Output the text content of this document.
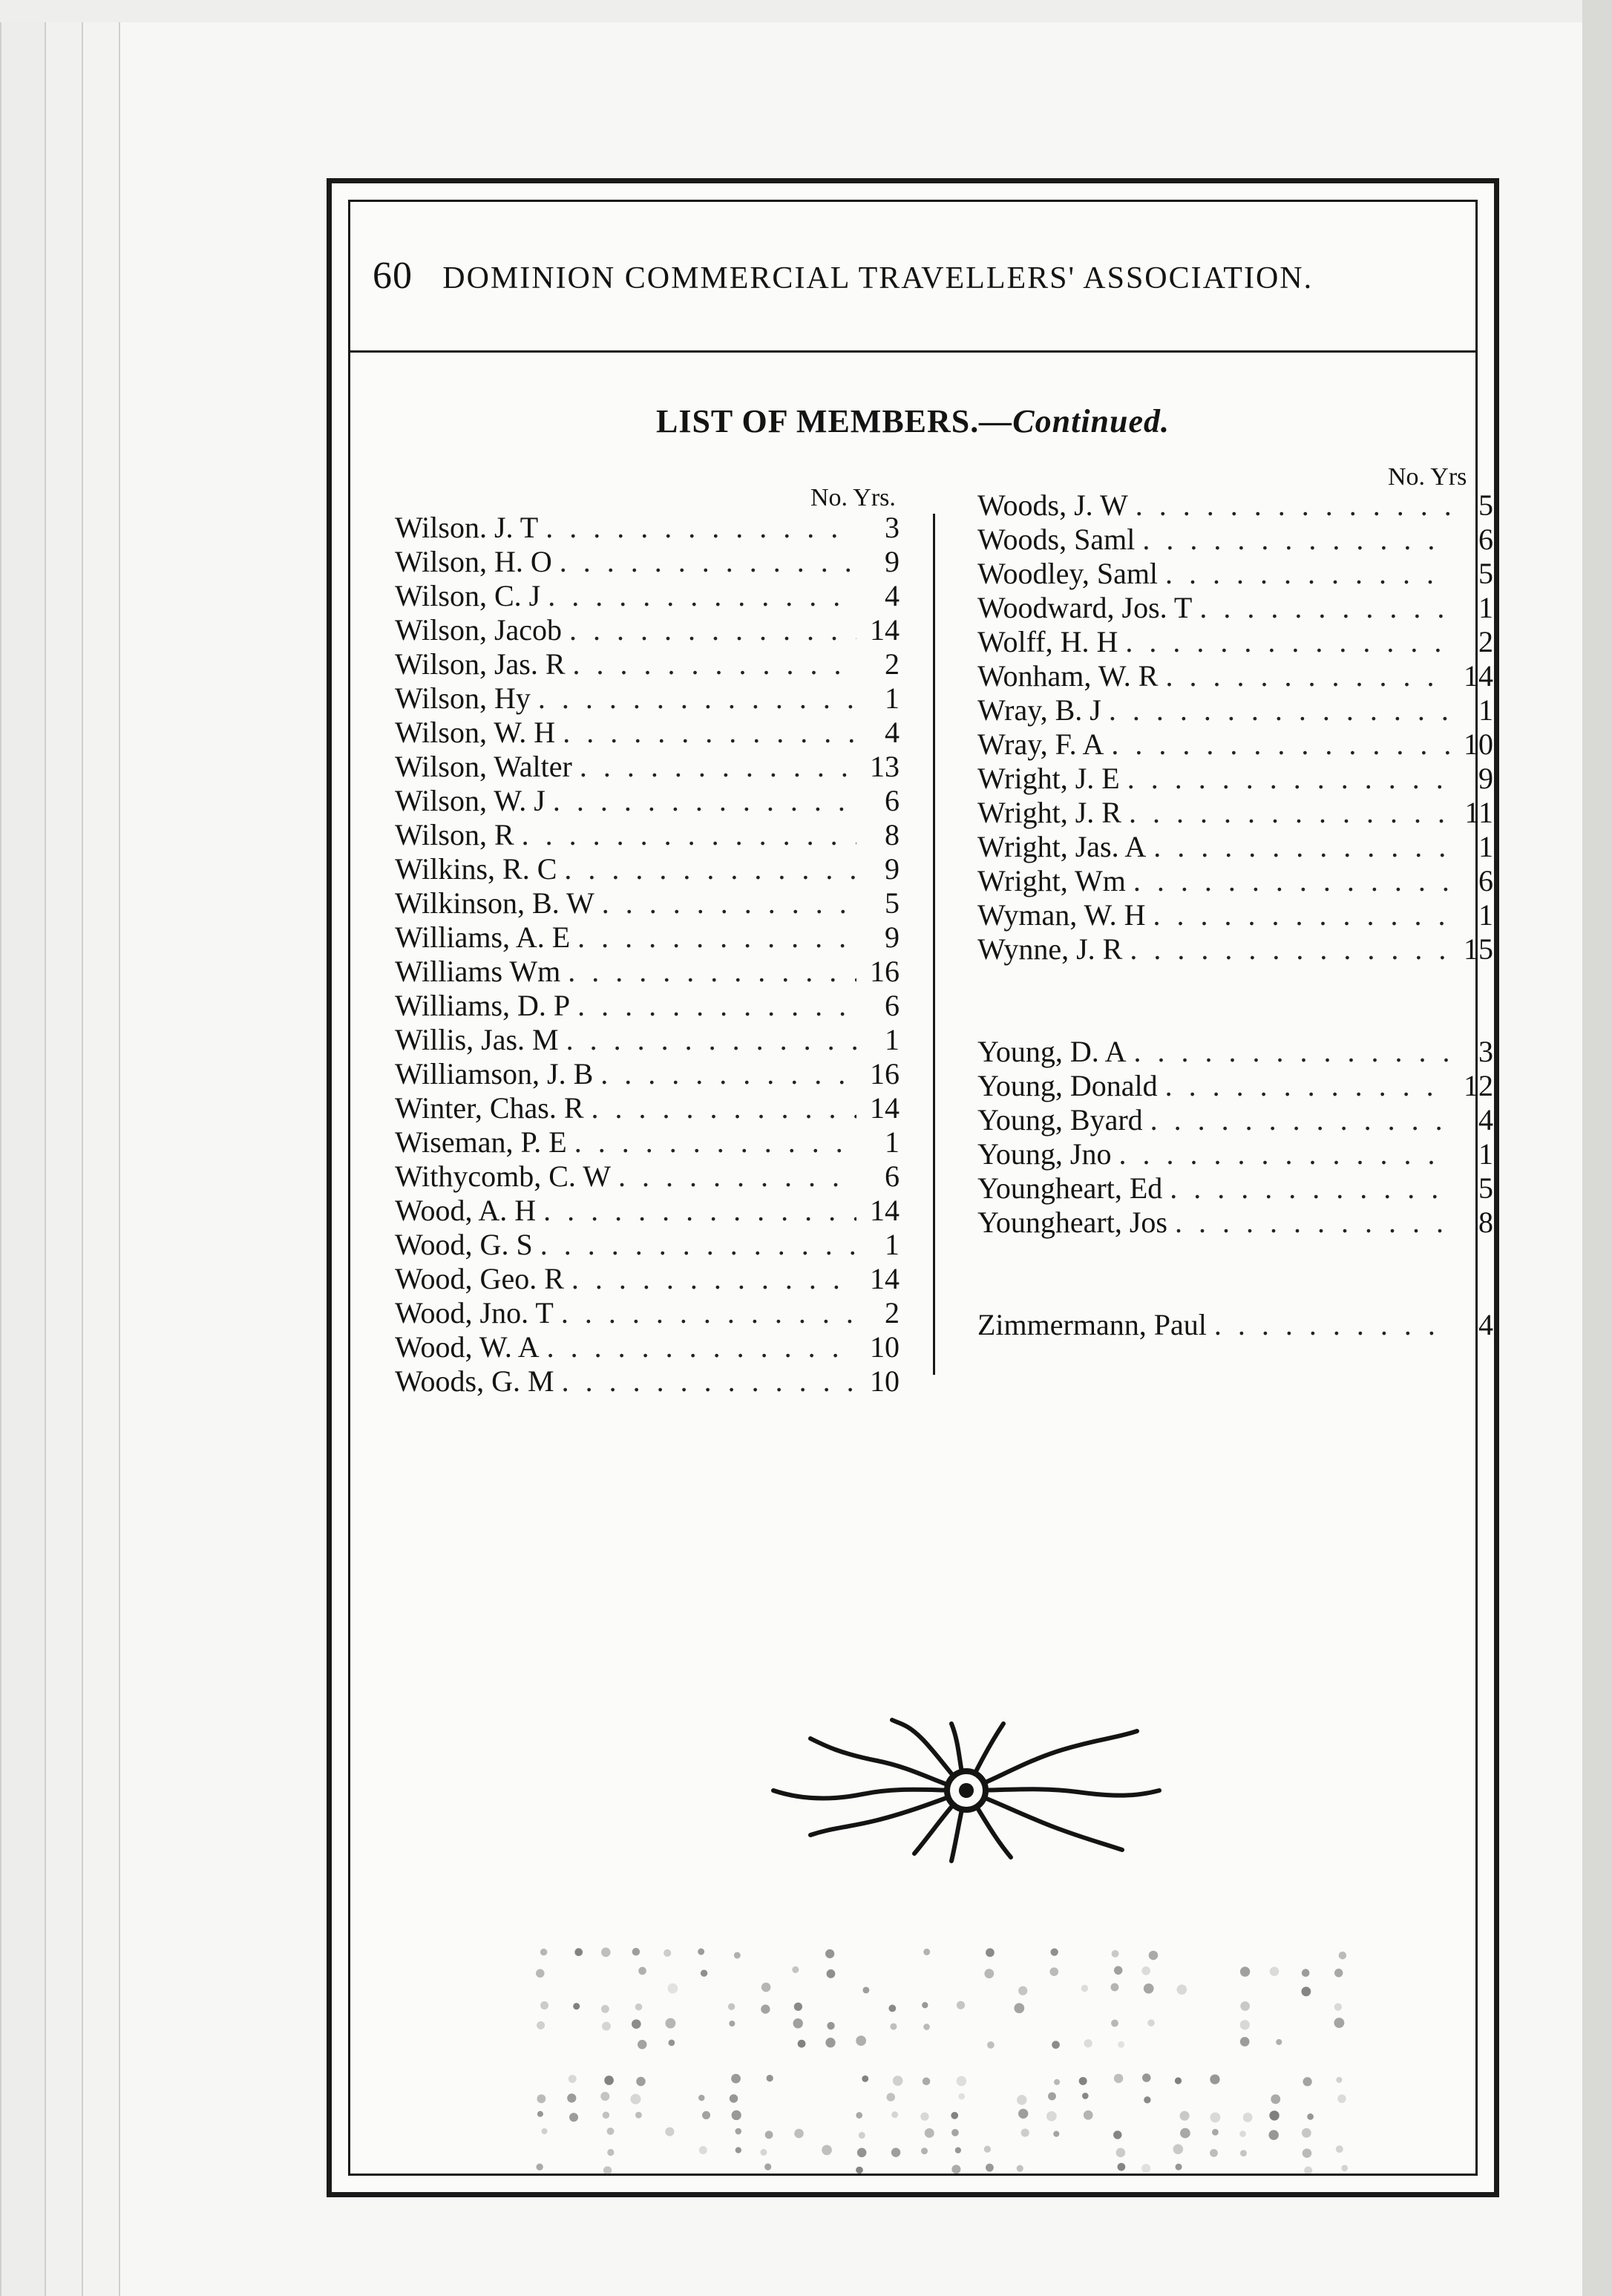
60 DOMINION COMMERCIAL TRAVELLERS' ASSOCIATION.
LIST OF MEMBERS.—Continued.
No. Yrs.
No. Yrs
Wilson. J. T . . .	3
Wilson, H. O . . .	9
Wilson, C. J . . .	4
Wilson, Jacob . . .	14
Wilson, Jas. R . . .	2
Wilson, Hy . . .	1
Wilson, W. H . . .	4
Wilson, Walter . . .	13
Wilson, W. J . . .	6
Wilson, R . . .	8
Wilkins, R. C . . .	9
Wilkinson, B. W . . .	5
Williams, A. E . . .	9
Williams Wm . . .	16
Williams, D. P . . .	6
Willis, Jas. M . . .	1
Williamson, J. B . . .	16
Winter, Chas. R . . .	14
Wiseman, P. E . . .	1
Withycomb, C. W . . .	6
Wood, A. H . . .	14
Wood, G. S . . .	1
Wood, Geo. R . . .	14
Wood, Jno. T . . .	2
Wood, W. A . . .	10
Woods, G. M . . .	10
Woods, J. W . . .	5
Woods, Saml . . .	6
Woodley, Saml . . .	5
Woodward, Jos. T . . .	1
Wolff, H. H . . .	2
Wonham, W. R . . .	14
Wray, B. J . . .	1
Wray, F. A . . .	10
Wright, J. E . . .	9
Wright, J. R . . .	11
Wright, Jas. A . . .	1
Wright, Wm . . .	6
Wyman, W. H . . .	1
Wynne, J. R . . .	15
Young, D. A . . .	3
Young, Donald . . .	12
Young, Byard . . .	4
Young, Jno . . .	1
Youngheart, Ed . . .	5
Youngheart, Jos . . .	8
Zimmermann, Paul . . .	4
